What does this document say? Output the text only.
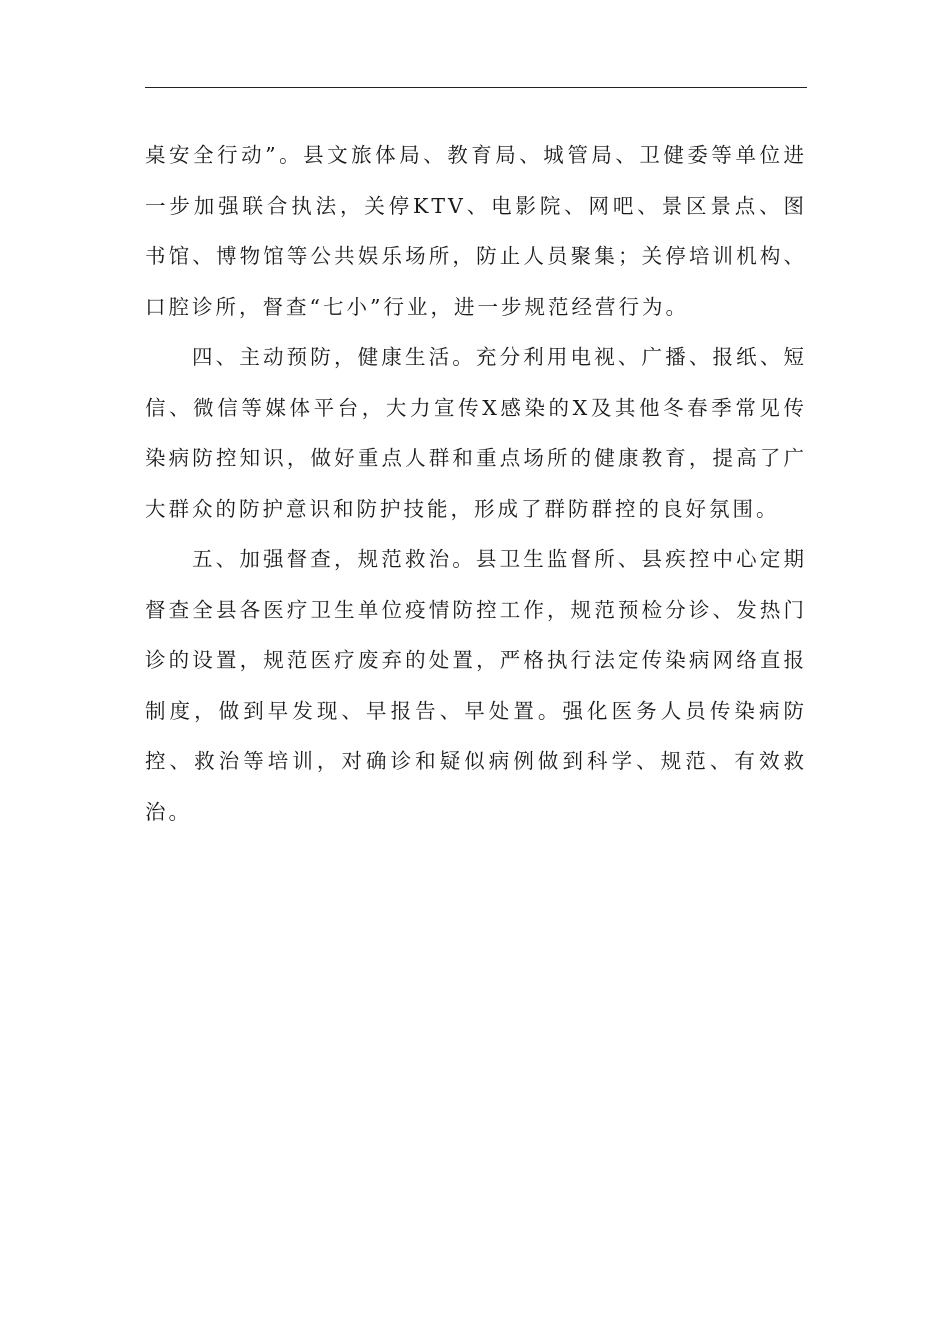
桌安全行动”。县文旅体局、教育局、城管局、卫健委等单位进一步加强联合执法，关停KTV、电影院、网吧、景区景点、图书馆、博物馆等公共娱乐场所，防止人员聚集；关停培训机构、口腔诊所，督查“七小”行业，进一步规范经营行为。

四、主动预防，健康生活。充分利用电视、广播、报纸、短信、微信等媒体平台，大力宣传X感染的X及其他冬春季常见传染病防控知识，做好重点人群和重点场所的健康教育，提高了广大群众的防护意识和防护技能，形成了群防群控的良好氛围。

五、加强督查，规范救治。县卫生监督所、县疾控中心定期督查全县各医疗卫生单位疫情防控工作，规范预检分诊、发热门诊的设置，规范医疗废弃的处置，严格执行法定传染病网络直报制度，做到早发现、早报告、早处置。强化医务人员传染病防控、救治等培训，对确诊和疑似病例做到科学、规范、有效救治。
